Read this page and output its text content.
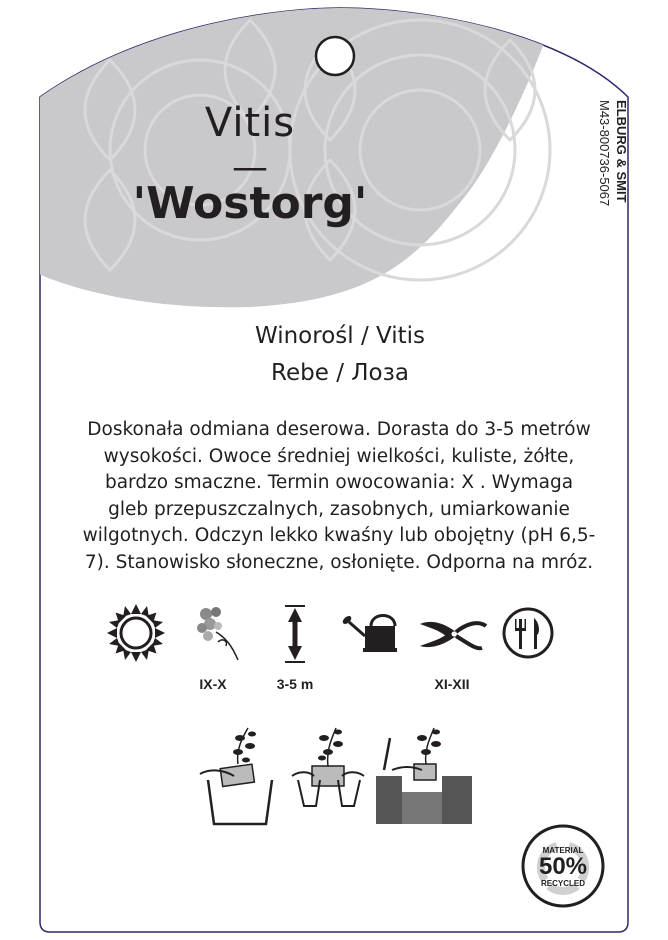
Vitis
—
'Wostorg'
Winorośl / Vitis
Rebe / Лоза
Doskonała odmiana deserowa. Dorasta do 3-5 metrów
wysokości. Owoce średniej wielkości, kuliste, żółte,
bardzo smaczne. Termin owocowania: X . Wymaga
gleb przepuszczalnych, zasobnych, umiarkowanie
wilgotnych. Odczyn lekko kwaśny lub obojętny (pH 6,5-
7). Stanowisko słoneczne, osłonięte. Odporna na mróz.
ELBURG & SMIT
M43-800736-5067
IX-X	3-5 m	XI-XII
MATERIAL
50%
RECYCLED
